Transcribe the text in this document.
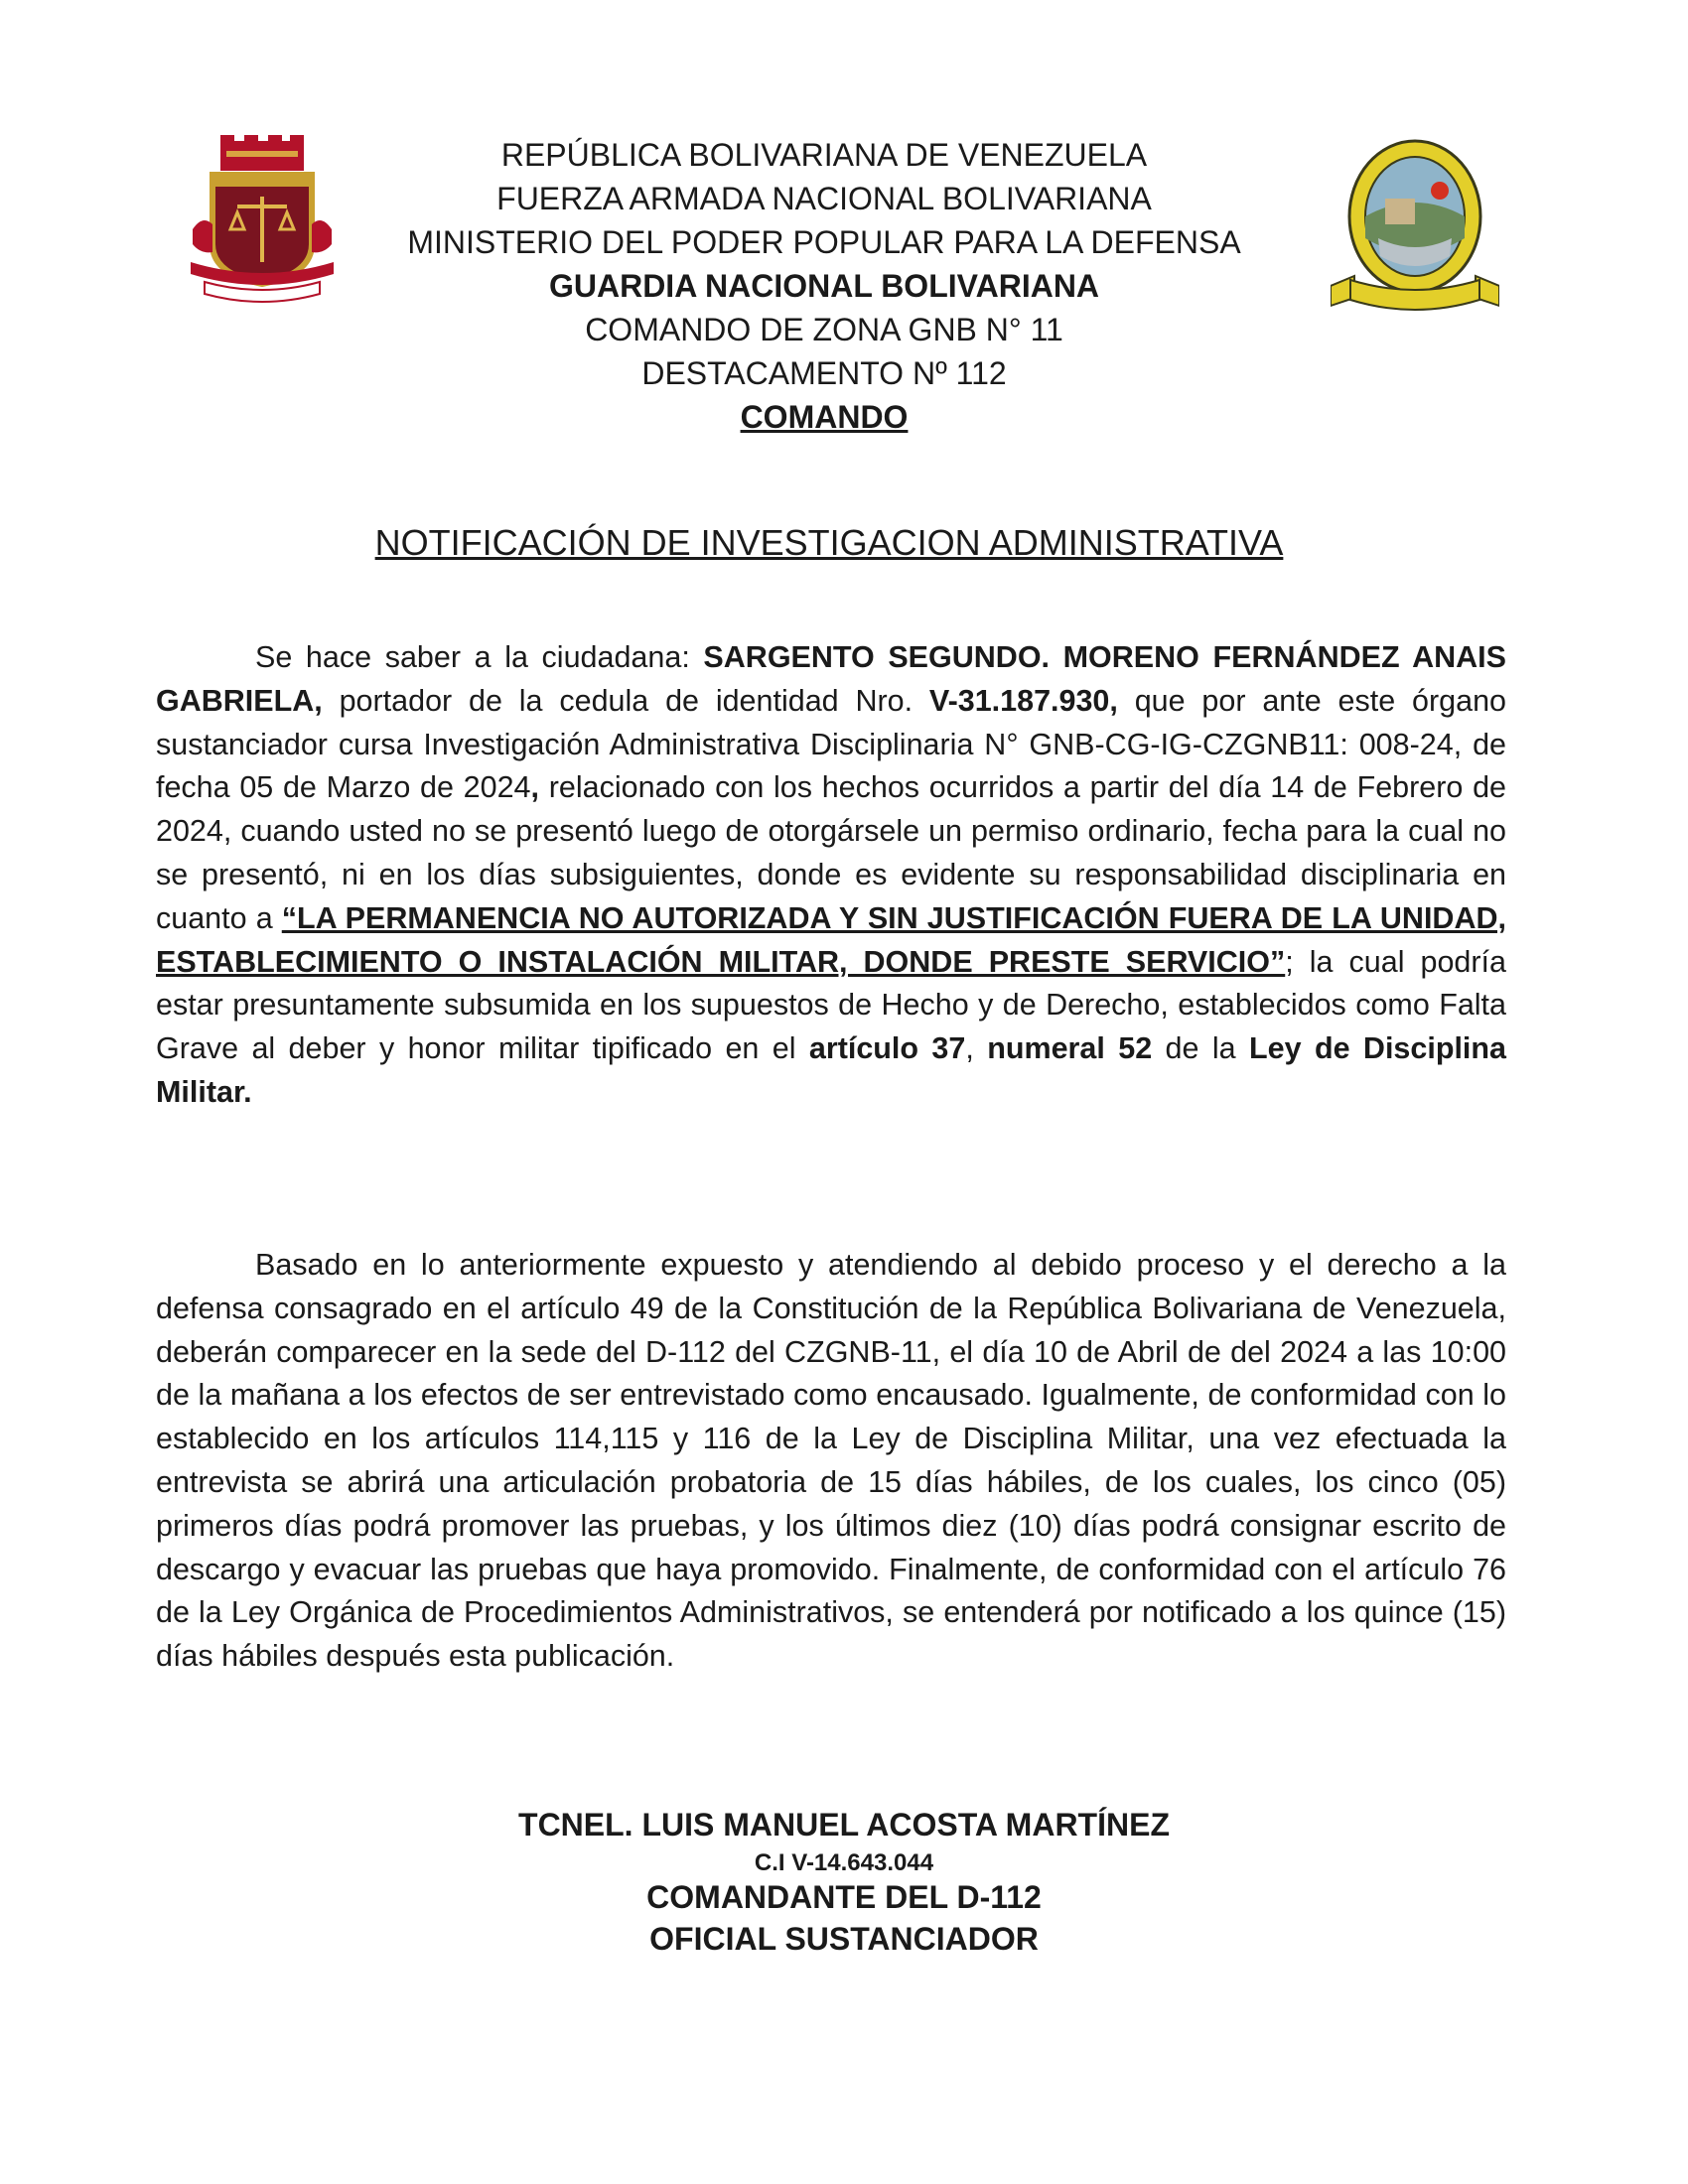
REPÚBLICA BOLIVARIANA DE VENEZUELA
FUERZA ARMADA NACIONAL BOLIVARIANA
MINISTERIO DEL PODER POPULAR PARA LA DEFENSA
GUARDIA NACIONAL BOLIVARIANA
COMANDO DE ZONA GNB N° 11
DESTACAMENTO Nº 112
COMANDO
NOTIFICACIÓN DE INVESTIGACION ADMINISTRATIVA

Se hace saber a la ciudadana: SARGENTO SEGUNDO. MORENO FERNÁNDEZ ANAIS GABRIELA, portador de la cedula de identidad Nro. V-31.187.930, que por ante este órgano sustanciador cursa Investigación Administrativa Disciplinaria N° GNB-CG-IG-CZGNB11: 008-24, de fecha 05 de Marzo de 2024, relacionado con los hechos ocurridos a partir del día 14 de Febrero de 2024, cuando usted no se presentó luego de otorgársele un permiso ordinario, fecha para la cual no se presentó, ni en los días subsiguientes, donde es evidente su responsabilidad disciplinaria en cuanto a “LA PERMANENCIA NO AUTORIZADA Y SIN JUSTIFICACIÓN FUERA DE LA UNIDAD, ESTABLECIMIENTO O INSTALACIÓN MILITAR, DONDE PRESTE SERVICIO”; la cual podría estar presuntamente subsumida en los supuestos de Hecho y de Derecho, establecidos como Falta Grave al deber y honor militar tipificado en el artículo 37, numeral 52 de la Ley de Disciplina Militar.

Basado en lo anteriormente expuesto y atendiendo al debido proceso y el derecho a la defensa consagrado en el artículo 49 de la Constitución de la República Bolivariana de Venezuela, deberán comparecer en la sede del D-112 del CZGNB-11, el día 10 de Abril de del 2024 a las 10:00 de la mañana a los efectos de ser entrevistado como encausado. Igualmente, de conformidad con lo establecido en los artículos 114,115 y 116 de la Ley de Disciplina Militar, una vez efectuada la entrevista se abrirá una articulación probatoria de 15 días hábiles, de los cuales, los cinco (05) primeros días podrá promover las pruebas, y los últimos diez (10) días podrá consignar escrito de descargo y evacuar las pruebas que haya promovido. Finalmente, de conformidad con el artículo 76 de la Ley Orgánica de Procedimientos Administrativos, se entenderá por notificado a los quince (15) días hábiles después esta publicación.

TCNEL. LUIS MANUEL ACOSTA MARTÍNEZ
C.I V-14.643.044
COMANDANTE DEL D-112
OFICIAL SUSTANCIADOR
